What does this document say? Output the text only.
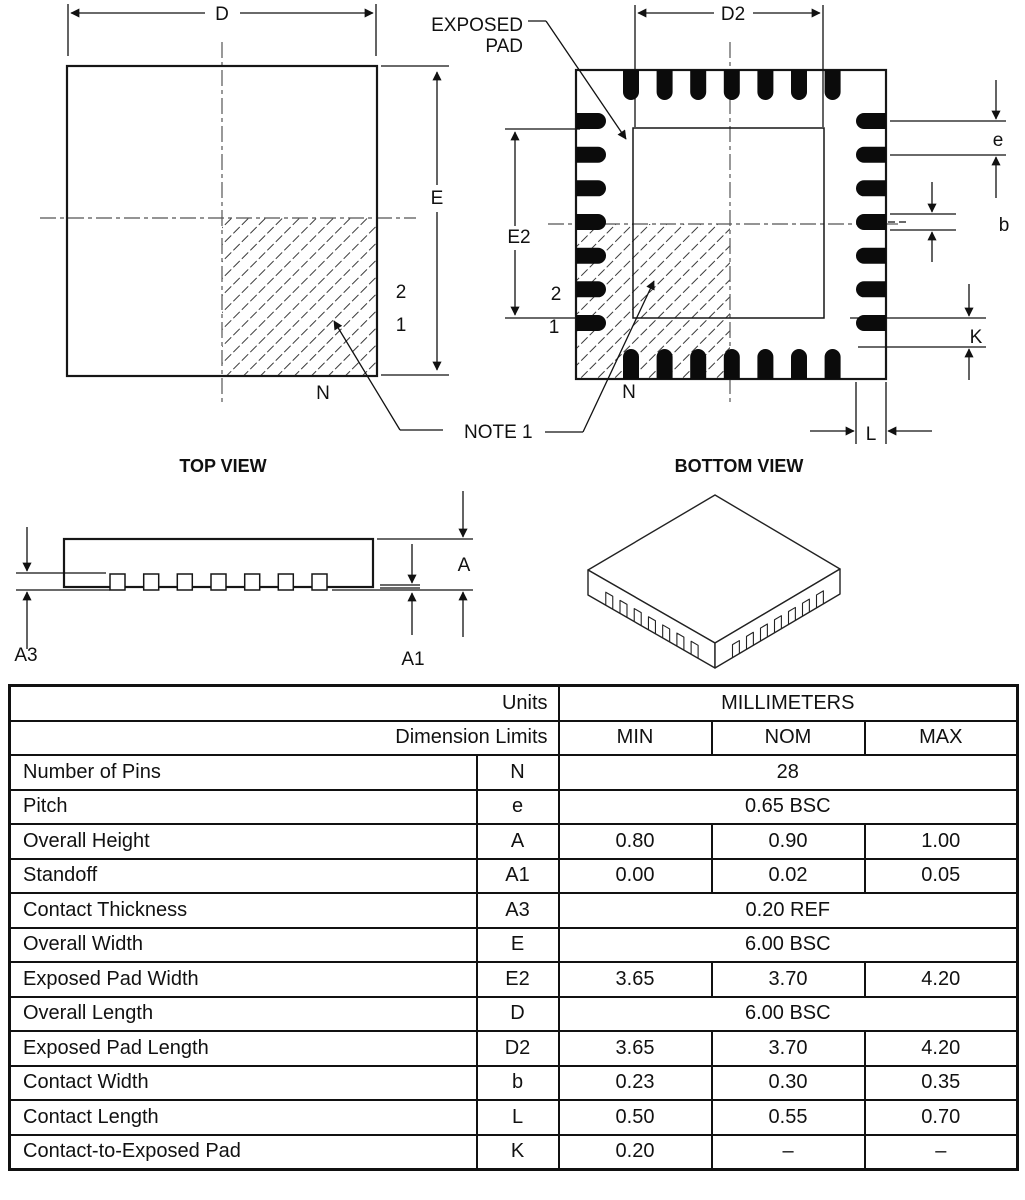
D
E
2
1
N
TOP VIEW
D2
E2
e
b
K
L
2
1
N
BOTTOM VIEW
EXPOSED
PAD
NOTE 1
A3
A
A1
Units		MILLIMETERS		
Dimension Limits		MIN	NOM	MAX
Number of Pins	N	28		
Pitch	e	0.65 BSC		
Overall Height	A	0.80	0.90	1.00
Standoff	A1	0.00	0.02	0.05
Contact Thickness	A3	0.20 REF		
Overall Width	E	6.00 BSC		
Exposed Pad Width	E2	3.65	3.70	4.20
Overall Length	D	6.00 BSC		
Exposed Pad Length	D2	3.65	3.70	4.20
Contact Width	b	0.23	0.30	0.35
Contact Length	L	0.50	0.55	0.70
Contact-to-Exposed Pad	K	0.20	–	–
